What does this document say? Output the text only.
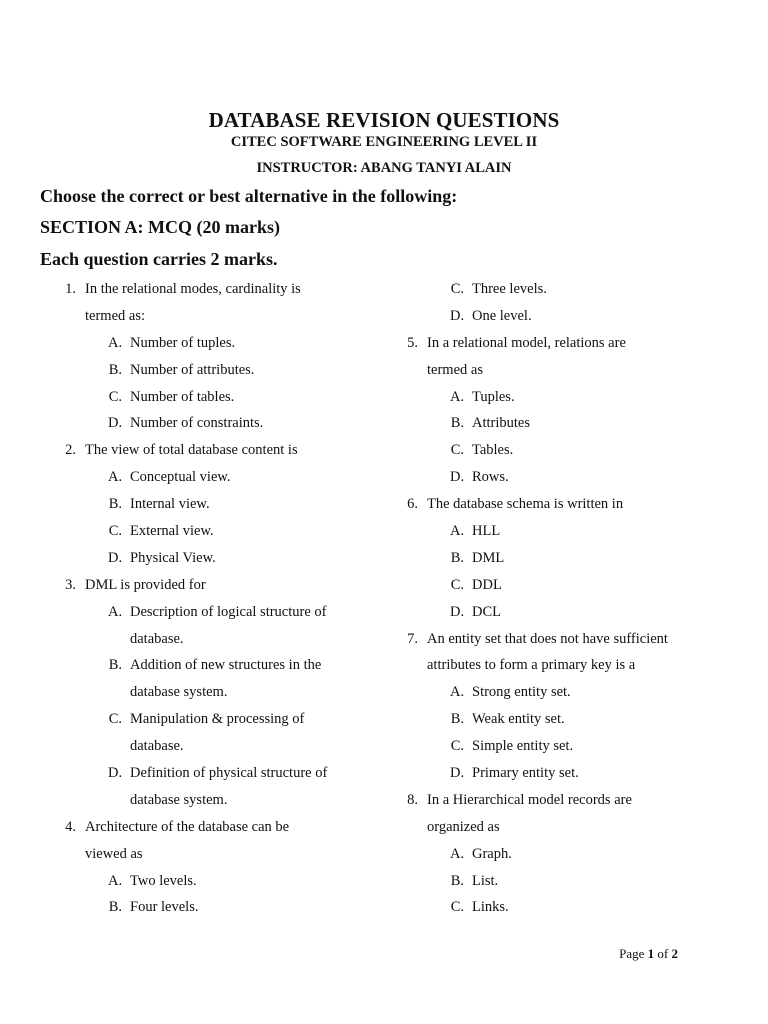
DATABASE REVISION QUESTIONS
CITEC SOFTWARE ENGINEERING LEVEL II
INSTRUCTOR: ABANG TANYI ALAIN
Choose the correct or best alternative in the following:
SECTION A: MCQ (20 marks)
Each question carries 2 marks.
1. In the relational modes, cardinality is
termed as:
A. Number of tuples.
B. Number of attributes.
C. Number of tables.
D. Number of constraints.
2. The view of total database content is
A. Conceptual view.
B. Internal view.
C. External view.
D. Physical View.
3. DML is provided for
A. Description of logical structure of
database.
B. Addition of new structures in the
database system.
C. Manipulation & processing of
database.
D. Definition of physical structure of
database system.
4. Architecture of the database can be
viewed as
A. Two levels.
B. Four levels.
C. Three levels.
D. One level.
5. In a relational model, relations are
termed as
A. Tuples.
B. Attributes
C. Tables.
D. Rows.
6. The database schema is written in
A. HLL
B. DML
C. DDL
D. DCL
7. An entity set that does not have sufficient
attributes to form a primary key is a
A. Strong entity set.
B. Weak entity set.
C. Simple entity set.
D. Primary entity set.
8. In a Hierarchical model records are
organized as
A. Graph.
B. List.
C. Links.
Page 1 of 2
